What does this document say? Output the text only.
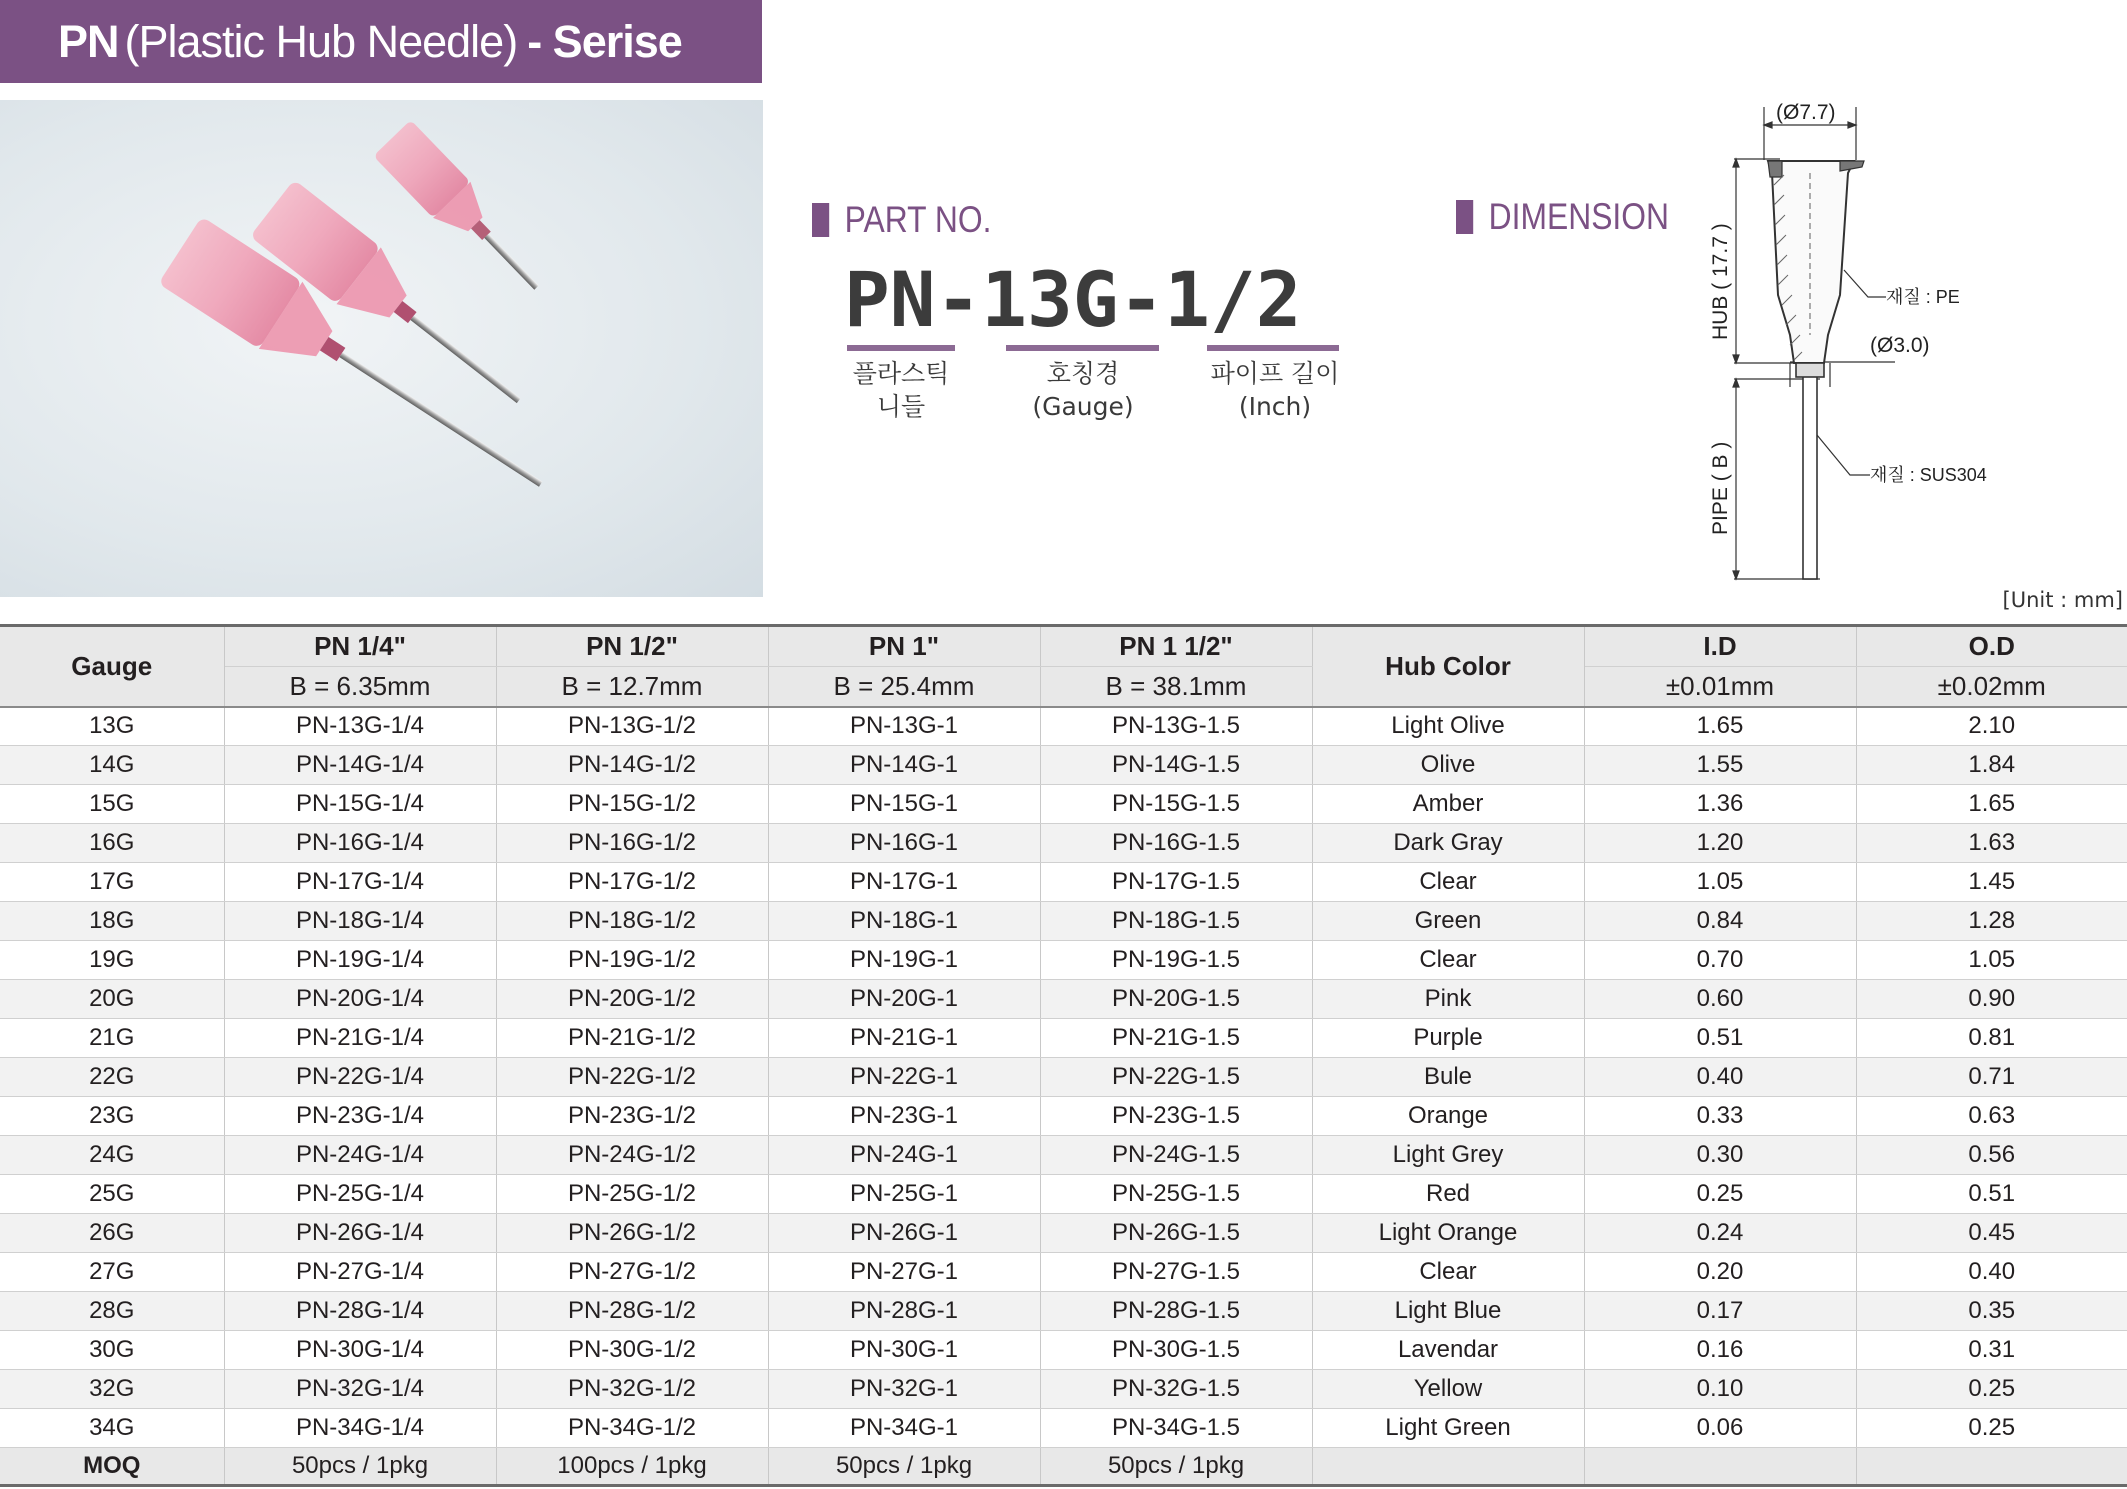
PN (Plastic Hub Needle) - Serise
PART NO.
PN-13G-1/2
플라스틱
니들
호칭경
(Gauge)
파이프 길이
(Inch)
DIMENSION
(Ø7.7)
재질 : PE
(Ø3.0)
재질 : SUS304
HUB ( 17.7 )
PIPE ( B )
[Unit : mm]
Gauge	PN 1/4"	PN 1/2"	PN 1"	PN 1 1/2"	Hub Color	I.D	O.D
	B = 6.35mm	B = 12.7mm	B = 25.4mm	B = 38.1mm		±0.01mm	±0.02mm
13G	PN-13G-1/4	PN-13G-1/2	PN-13G-1	PN-13G-1.5	Light Olive	1.65	2.10
14G	PN-14G-1/4	PN-14G-1/2	PN-14G-1	PN-14G-1.5	Olive	1.55	1.84
15G	PN-15G-1/4	PN-15G-1/2	PN-15G-1	PN-15G-1.5	Amber	1.36	1.65
16G	PN-16G-1/4	PN-16G-1/2	PN-16G-1	PN-16G-1.5	Dark Gray	1.20	1.63
17G	PN-17G-1/4	PN-17G-1/2	PN-17G-1	PN-17G-1.5	Clear	1.05	1.45
18G	PN-18G-1/4	PN-18G-1/2	PN-18G-1	PN-18G-1.5	Green	0.84	1.28
19G	PN-19G-1/4	PN-19G-1/2	PN-19G-1	PN-19G-1.5	Clear	0.70	1.05
20G	PN-20G-1/4	PN-20G-1/2	PN-20G-1	PN-20G-1.5	Pink	0.60	0.90
21G	PN-21G-1/4	PN-21G-1/2	PN-21G-1	PN-21G-1.5	Purple	0.51	0.81
22G	PN-22G-1/4	PN-22G-1/2	PN-22G-1	PN-22G-1.5	Bule	0.40	0.71
23G	PN-23G-1/4	PN-23G-1/2	PN-23G-1	PN-23G-1.5	Orange	0.33	0.63
24G	PN-24G-1/4	PN-24G-1/2	PN-24G-1	PN-24G-1.5	Light Grey	0.30	0.56
25G	PN-25G-1/4	PN-25G-1/2	PN-25G-1	PN-25G-1.5	Red	0.25	0.51
26G	PN-26G-1/4	PN-26G-1/2	PN-26G-1	PN-26G-1.5	Light Orange	0.24	0.45
27G	PN-27G-1/4	PN-27G-1/2	PN-27G-1	PN-27G-1.5	Clear	0.20	0.40
28G	PN-28G-1/4	PN-28G-1/2	PN-28G-1	PN-28G-1.5	Light Blue	0.17	0.35
30G	PN-30G-1/4	PN-30G-1/2	PN-30G-1	PN-30G-1.5	Lavendar	0.16	0.31
32G	PN-32G-1/4	PN-32G-1/2	PN-32G-1	PN-32G-1.5	Yellow	0.10	0.25
34G	PN-34G-1/4	PN-34G-1/2	PN-34G-1	PN-34G-1.5	Light Green	0.06	0.25
MOQ	50pcs / 1pkg	100pcs / 1pkg	50pcs / 1pkg	50pcs / 1pkg			
